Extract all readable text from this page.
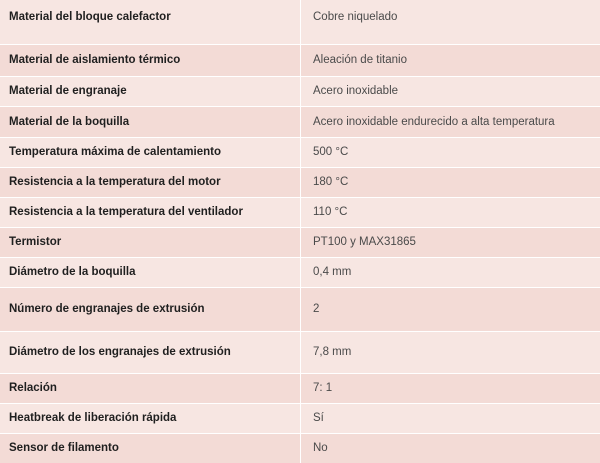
Material del bloque calefactor	Cobre niquelado
Material de aislamiento térmico	Aleación de titanio
Material de engranaje	Acero inoxidable
Material de la boquilla	Acero inoxidable endurecido a alta temperatura
Temperatura máxima de calentamiento	500 °C
Resistencia a la temperatura del motor	180 °C
Resistencia a la temperatura del ventilador	110 °C
Termistor	PT100 y MAX31865
Diámetro de la boquilla	0,4 mm
Número de engranajes de extrusión	2
Diámetro de los engranajes de extrusión	7,8 mm
Relación	7: 1
Heatbreak de liberación rápida	Sí
Sensor de filamento	No
